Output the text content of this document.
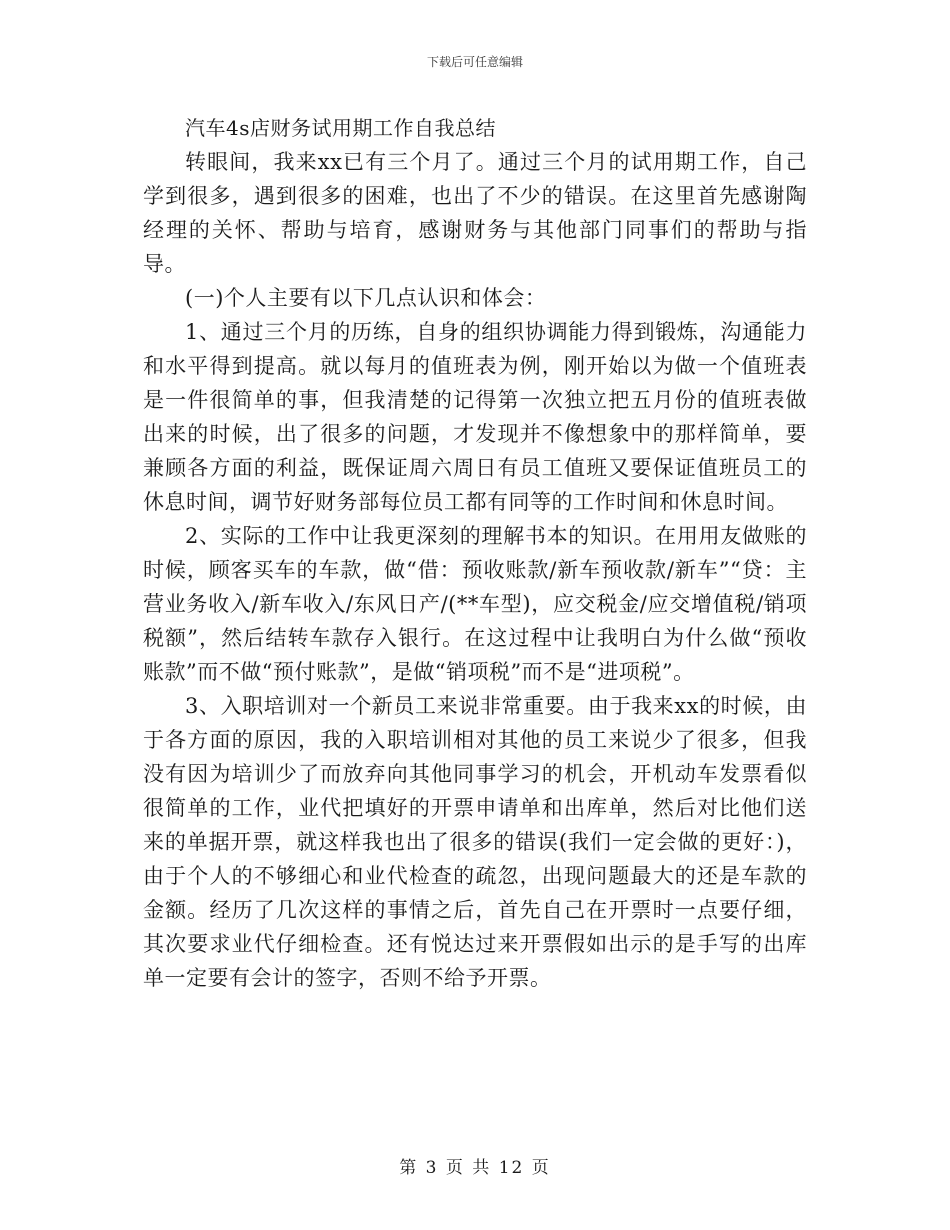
下载后可任意编辑

汽车4s店财务试用期工作自我总结

转眼间，我来xx已有三个月了。通过三个月的试用期工作，自己学到很多，遇到很多的困难，也出了不少的错误。在这里首先感谢陶经理的关怀、帮助与培育，感谢财务与其他部门同事们的帮助与指导。

(一)个人主要有以下几点认识和体会：

1、通过三个月的历练，自身的组织协调能力得到锻炼，沟通能力和水平得到提高。就以每月的值班表为例，刚开始以为做一个值班表是一件很简单的事，但我清楚的记得第一次独立把五月份的值班表做出来的时候，出了很多的问题，才发现并不像想象中的那样简单，要兼顾各方面的利益，既保证周六周日有员工值班又要保证值班员工的休息时间，调节好财务部每位员工都有同等的工作时间和休息时间。

2、实际的工作中让我更深刻的理解书本的知识。在用用友做账的时候，顾客买车的车款，做“借：预收账款/新车预收款/新车”“贷：主营业务收入/新车收入/东风日产/(**车型)，应交税金/应交增值税/销项税额”，然后结转车款存入银行。在这过程中让我明白为什么做“预收账款”而不做“预付账款”，是做“销项税”而不是“进项税”。

3、入职培训对一个新员工来说非常重要。由于我来xx的时候，由于各方面的原因，我的入职培训相对其他的员工来说少了很多，但我没有因为培训少了而放弃向其他同事学习的机会，开机动车发票看似很简单的工作，业代把填好的开票申请单和出库单，然后对比他们送来的单据开票，就这样我也出了很多的错误(我们一定会做的更好：)，由于个人的不够细心和业代检查的疏忽，出现问题最大的还是车款的金额。经历了几次这样的事情之后，首先自己在开票时一点要仔细，其次要求业代仔细检查。还有悦达过来开票假如出示的是手写的出库单一定要有会计的签字，否则不给予开票。

第 3 页 共 12 页
